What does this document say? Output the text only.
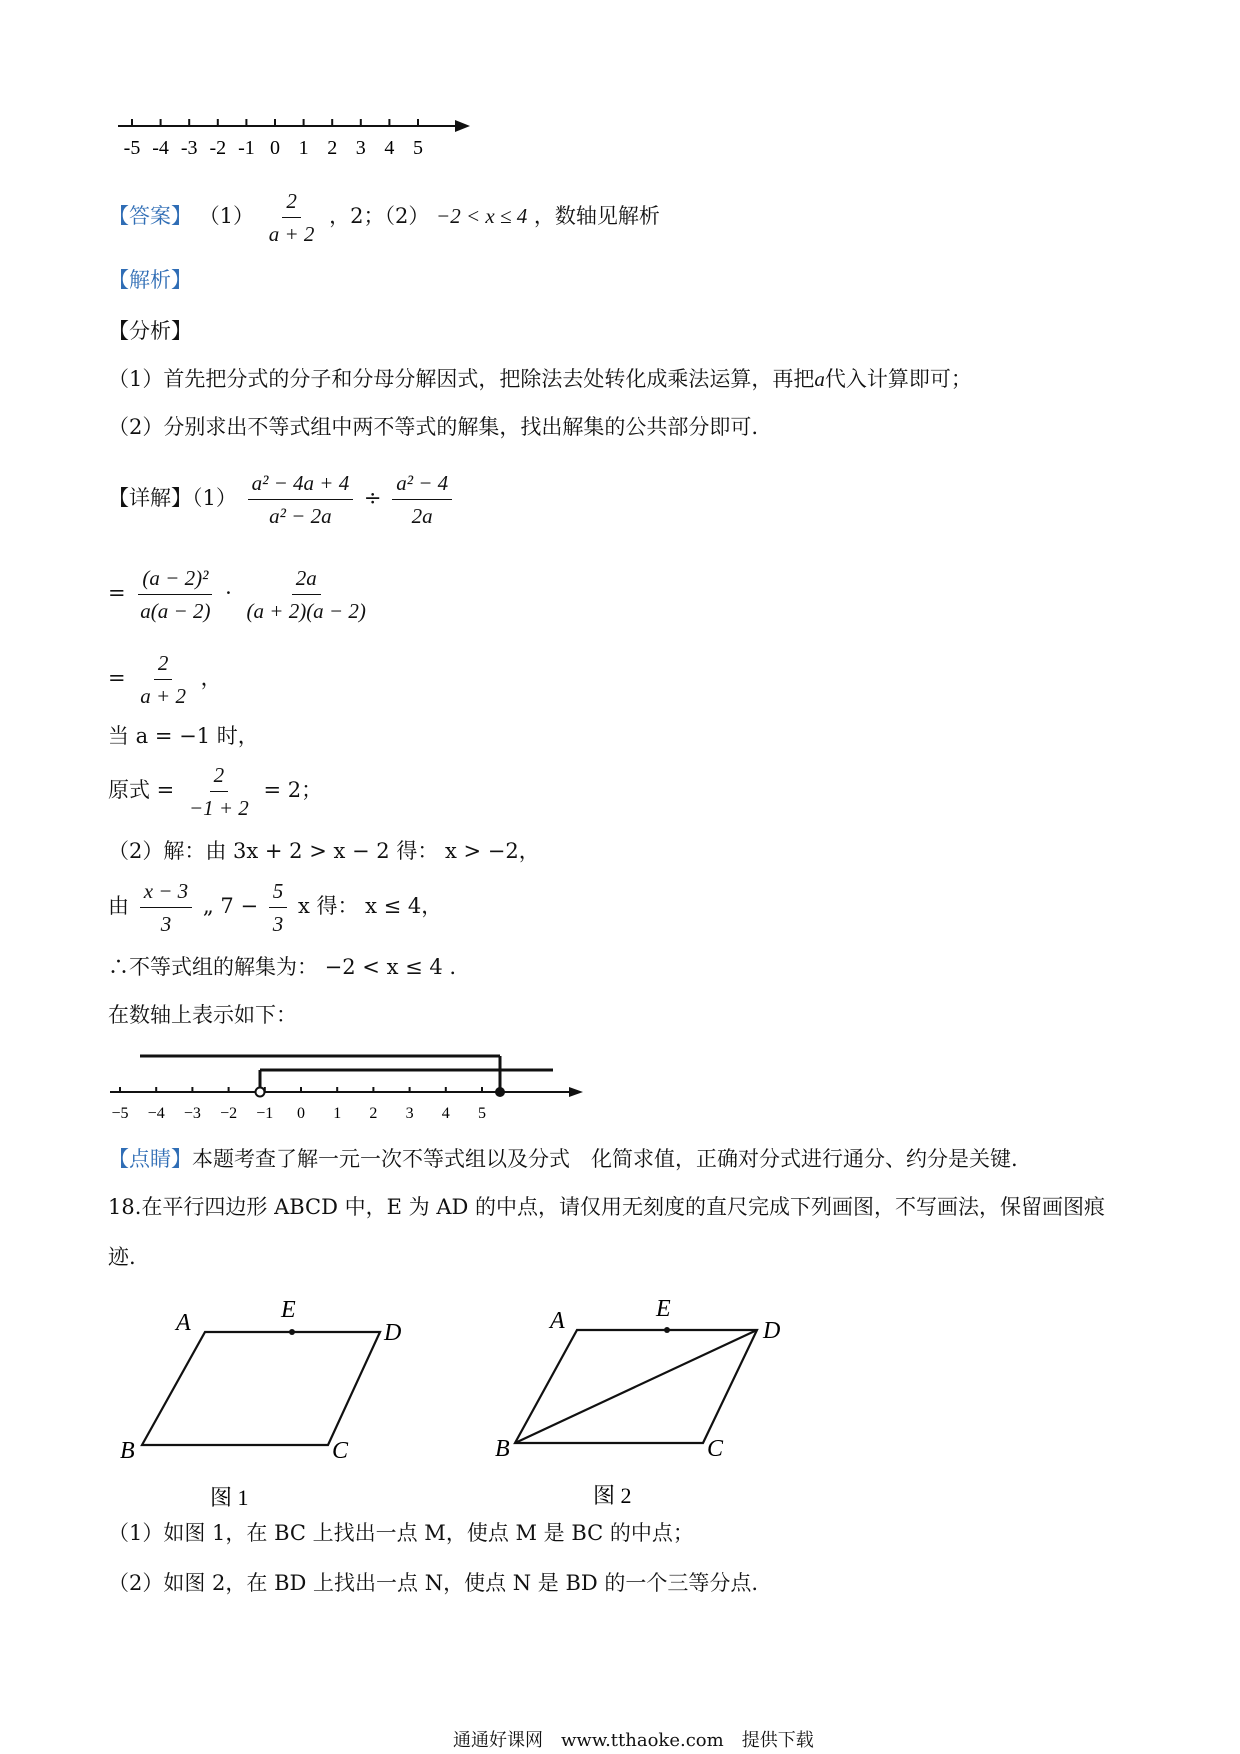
-5 -4 -3 -2 -1 0 1 2 3 4 5
【答案】 $(1) \frac{2}{a + 2}$ ，2；（2） −2 < x ≤ 4 ，数轴见解析
【解析】
【分析】
（1）首先把分式的分子和分母分解因式，把除法去处转化成乘法运算，再把a代入计算即可；
（2）分别求出不等式组中两不等式的解集，找出解集的公共部分即可.
【详解】$(1) \frac{\text{a² − 4a + 4}}{\text{a² − 2a}} \div \frac{\text{a² − 4}}{2a}$
= $\frac{\text{(a − 2)²}}{a(a - 2)} \cdot \frac{2a}{(a + 2)(a - 2)}$
= $\frac{2}{a + 2}$ ，
当 a = −1 时，
原式 = $\frac{2}{-1 + 2} = 2$；
（2）解：由 3x + 2 > x − 2 得： x > −2，
由 $\frac{x - 3}{3}$ „ $7 - \frac{5}{3}$ x 得： x ≤ 4，
∴不等式组的解集为： −2 < x ≤ 4 .
在数轴上表示如下：
−5 −4 −3 −2 −1 0 1 2 3 4 5
【点睛】本题考查了解一元一次不等式组以及分式　化简求值，正确对分式进行通分、约分是关键.
18.在平行四边形 ABCD 中，E 为 AD 的中点，请仅用无刻度的直尺完成下列画图，不写画法，保留画图痕
迹.
A	E
D
B	C
图 1
A	E
D
B	C
图 2
（1）如图 1，在 BC 上找出一点 M，使点 M 是 BC 的中点；
（2）如图 2，在 BD 上找出一点 N，使点 N 是 BD 的一个三等分点.
通通好课网　www.tthaoke.com　提供下载
